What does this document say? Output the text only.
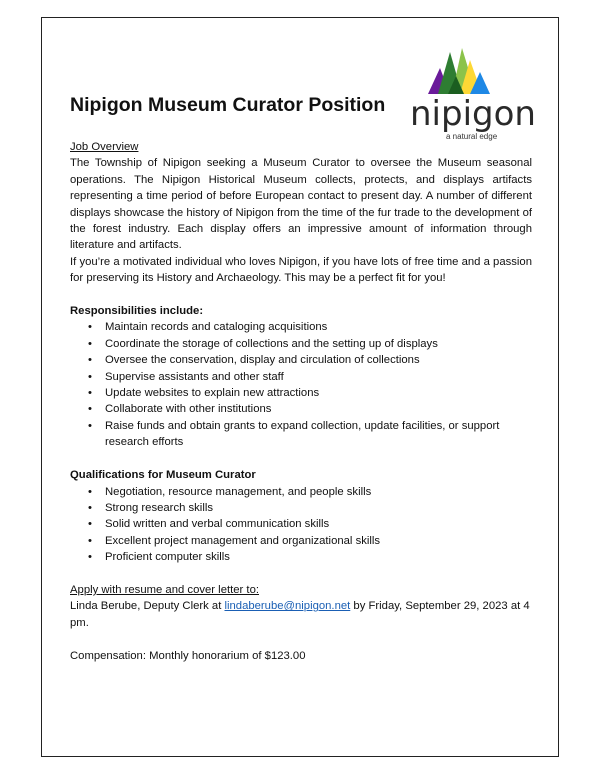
nipigon
a natural edge
Nipigon Museum Curator Position
Job Overview
The Township of Nipigon seeking a Museum Curator to oversee the Museum seasonal operations. The Nipigon Historical Museum collects, protects, and displays artifacts representing a time period of before European contact to present day. A number of different displays showcase the history of Nipigon from the time of the fur trade to the development of the forest industry. Each display offers an impressive amount of information through literature and artifacts.
If you’re a motivated individual who loves Nipigon, if you have lots of free time and a passion for preserving its History and Archaeology. This may be a perfect fit for you!
Responsibilities include:
• Maintain records and cataloging acquisitions
• Coordinate the storage of collections and the setting up of displays
• Oversee the conservation, display and circulation of collections
• Supervise assistants and other staff
• Update websites to explain new attractions
• Collaborate with other institutions
• Raise funds and obtain grants to expand collection, update facilities, or support research efforts
Qualifications for Museum Curator
• Negotiation, resource management, and people skills
• Strong research skills
• Solid written and verbal communication skills
• Excellent project management and organizational skills
• Proficient computer skills
Apply with resume and cover letter to:
Linda Berube, Deputy Clerk at lindaberube@nipigon.net by Friday, September 29, 2023 at 4 pm.
Compensation: Monthly honorarium of $123.00
